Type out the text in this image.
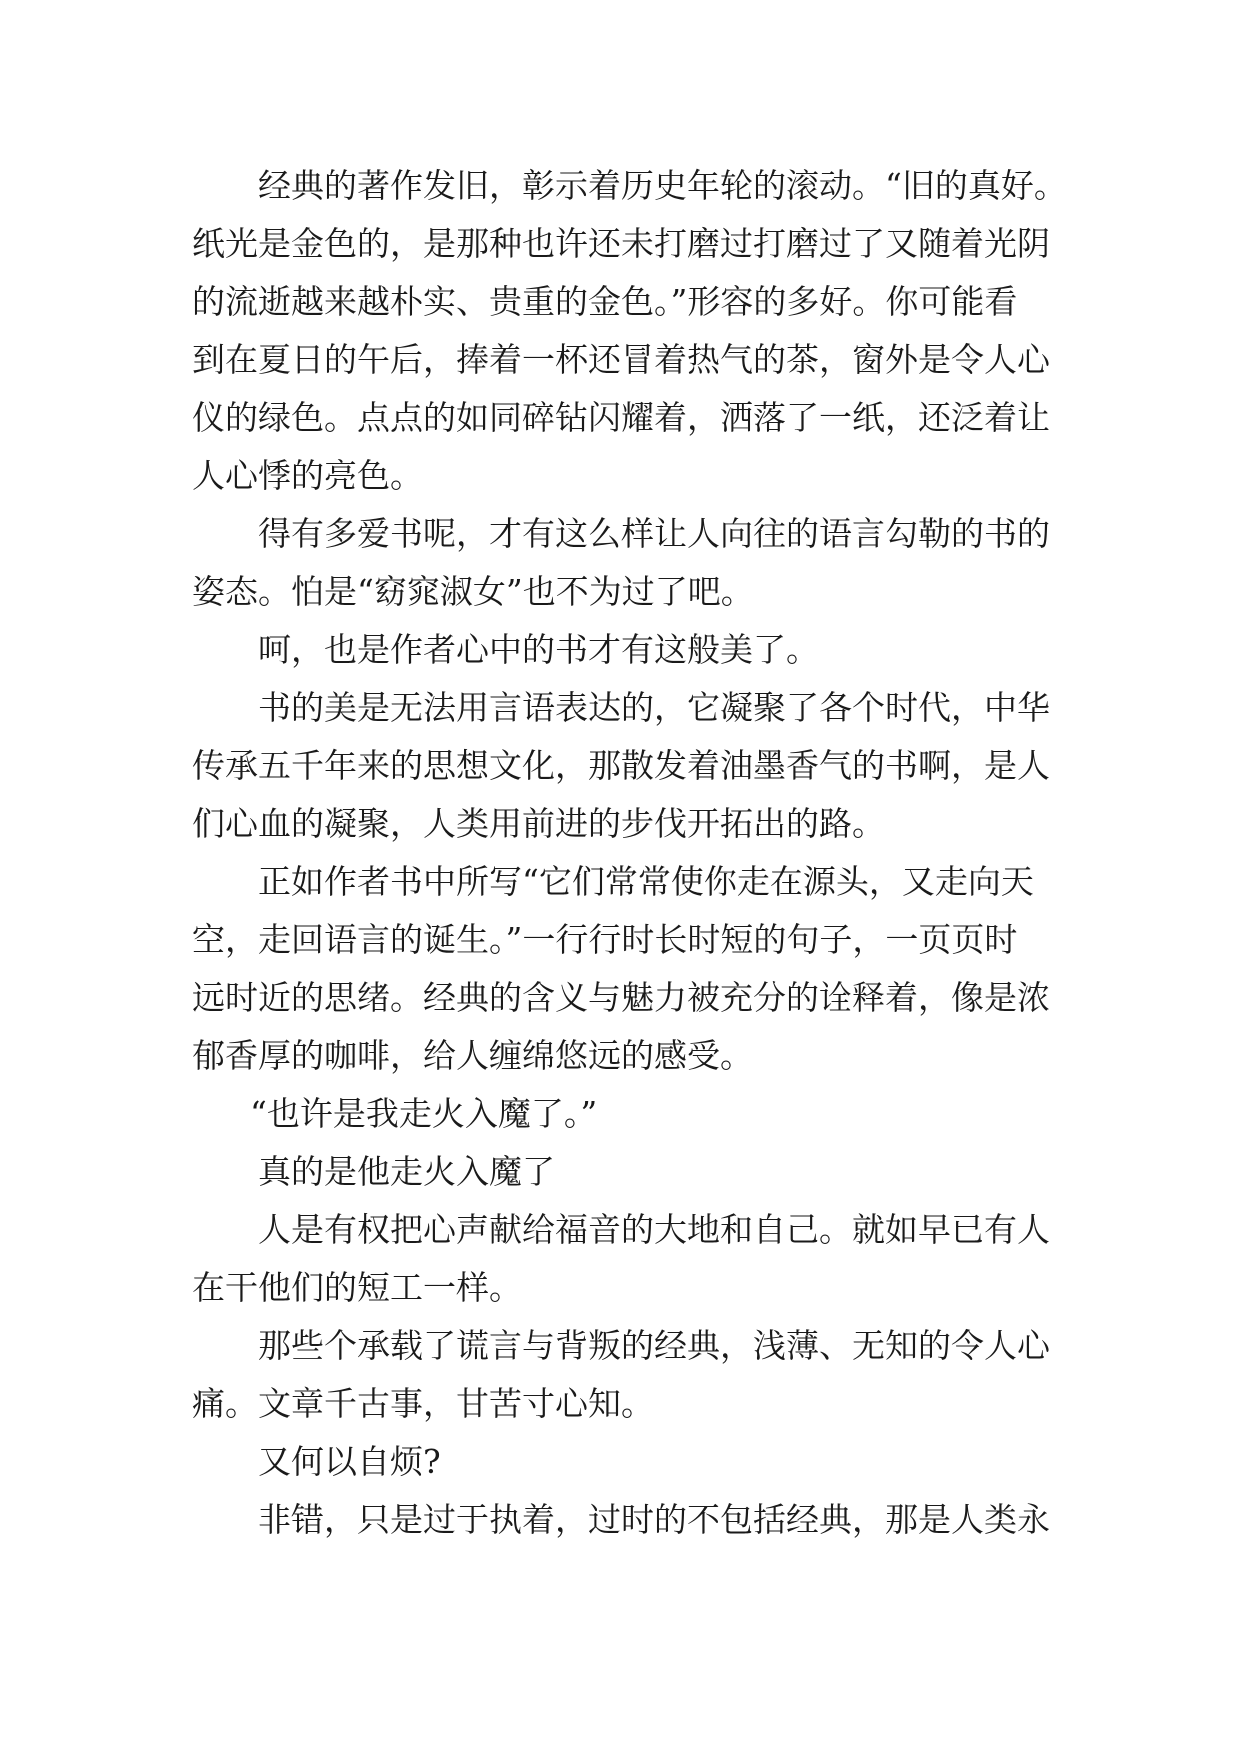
经典的著作发旧，彰示着历史年轮的滚动。“旧的真好。
纸光是金色的，是那种也许还未打磨过打磨过了又随着光阴
的流逝越来越朴实、贵重的金色。”形容的多好。你可能看
到在夏日的午后，捧着一杯还冒着热气的茶，窗外是令人心
仪的绿色。点点的如同碎钻闪耀着，洒落了一纸，还泛着让
人心悸的亮色。
得有多爱书呢，才有这么样让人向往的语言勾勒的书的
姿态。怕是“窈窕淑女”也不为过了吧。
呵，也是作者心中的书才有这般美了。
书的美是无法用言语表达的，它凝聚了各个时代，中华
传承五千年来的思想文化，那散发着油墨香气的书啊，是人
们心血的凝聚，人类用前进的步伐开拓出的路。
正如作者书中所写“它们常常使你走在源头，又走向天
空，走回语言的诞生。”一行行时长时短的句子，一页页时
远时近的思绪。经典的含义与魅力被充分的诠释着，像是浓
郁香厚的咖啡，给人缠绵悠远的感受。
“也许是我走火入魔了。”
真的是他走火入魔了
人是有权把心声献给福音的大地和自己。就如早已有人
在干他们的短工一样。
那些个承载了谎言与背叛的经典，浅薄、无知的令人心
痛。文章千古事，甘苦寸心知。
又何以自烦?
非错，只是过于执着，过时的不包括经典，那是人类永
